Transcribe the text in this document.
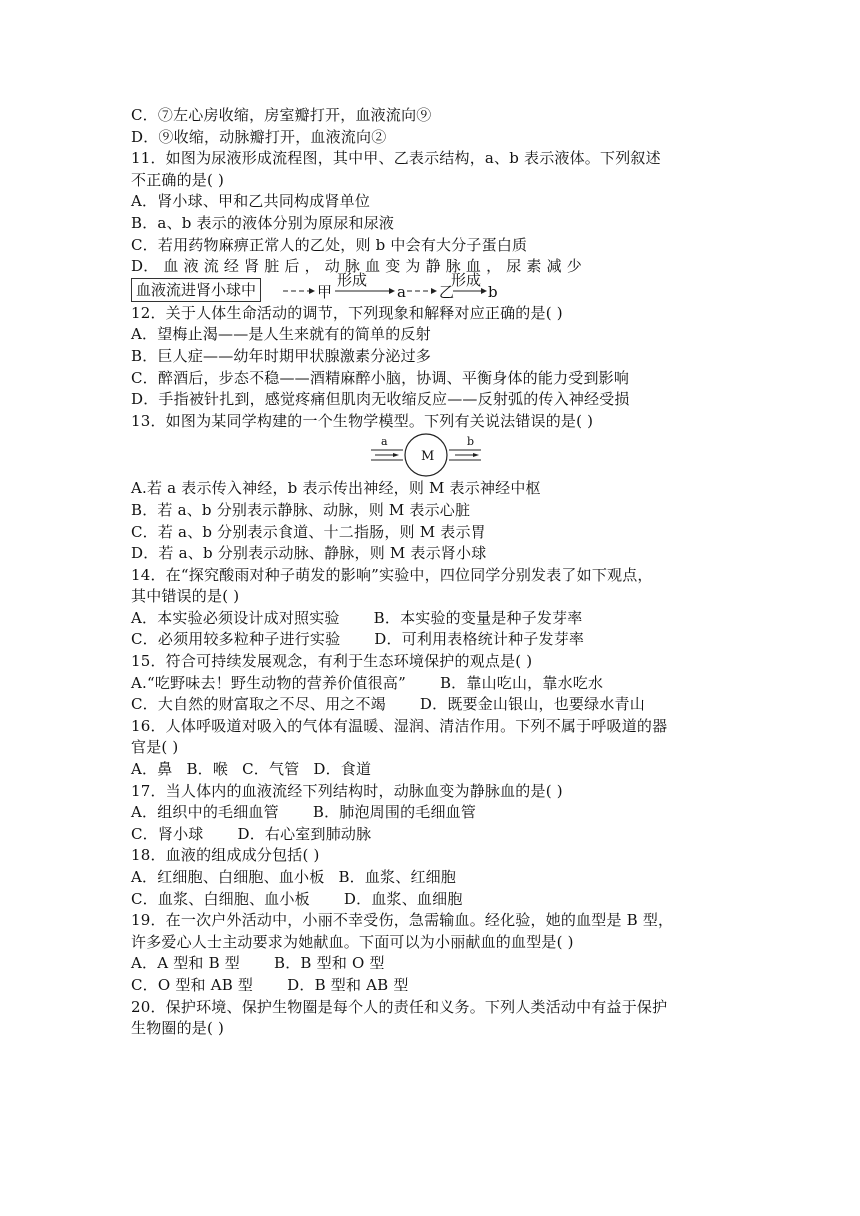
C．⑦左心房收缩，房室瓣打开，血液流向⑨
D．⑨收缩，动脉瓣打开，血液流向②
11．如图为尿液形成流程图，其中甲、乙表示结构，a、b 表示液体。下列叙述
不正确的是( )
A．肾小球、甲和乙共同构成肾单位
B．a、b 表示的液体分别为原尿和尿液
C．若用药物麻痹正常人的乙处，则 b 中会有大分子蛋白质
D． 血 液 流 经 肾 脏 后 ， 动 脉 血 变 为 静 脉 血 ， 尿 素 减 少
血液流进肾小球中	甲
形成
a 乙
形成
b
12．关于人体生命活动的调节，下列现象和解释对应正确的是( )
A．望梅止渴——是人生来就有的简单的反射
B．巨人症——幼年时期甲状腺激素分泌过多
C．醉酒后，步态不稳——酒精麻醉小脑，协调、平衡身体的能力受到影响
D．手指被针扎到，感觉疼痛但肌肉无收缩反应——反射弧的传入神经受损
13．如图为某同学构建的一个生物学模型。下列有关说法错误的是( )
a
M
b
A.若 a 表示传入神经，b 表示传出神经，则 M 表示神经中枢
B．若 a、b 分别表示静脉、动脉，则 M 表示心脏
C．若 a、b 分别表示食道、十二指肠，则 M 表示胃
D．若 a、b 分别表示动脉、静脉，则 M 表示肾小球
14．在“探究酸雨对种子萌发的影响”实验中，四位同学分别发表了如下观点，
其中错误的是( )
A．本实验必须设计成对照实验 B．本实验的变量是种子发芽率
C．必须用较多粒种子进行实验 D．可利用表格统计种子发芽率
15．符合可持续发展观念，有利于生态环境保护的观点是( )
A.“吃野味去！野生动物的营养价值很高” B．靠山吃山，靠水吃水
C．大自然的财富取之不尽、用之不竭 D．既要金山银山，也要绿水青山
16．人体呼吸道对吸入的气体有温暖、湿润、清洁作用。下列不属于呼吸道的器
官是( )
A．鼻 B．喉 C．气管 D．食道
17．当人体内的血液流经下列结构时，动脉血变为静脉血的是( )
A．组织中的毛细血管 B．肺泡周围的毛细血管
C．肾小球 D．右心室到肺动脉
18．血液的组成成分包括( )
A．红细胞、白细胞、血小板 B．血浆、红细胞
C．血浆、白细胞、血小板 D．血浆、血细胞
19．在一次户外活动中，小丽不幸受伤，急需输血。经化验，她的血型是 B 型，
许多爱心人士主动要求为她献血。下面可以为小丽献血的血型是( )
A．A 型和 B 型 B．B 型和 O 型
C．O 型和 AB 型 D．B 型和 AB 型
20．保护环境、保护生物圈是每个人的责任和义务。下列人类活动中有益于保护
生物圈的是( )
